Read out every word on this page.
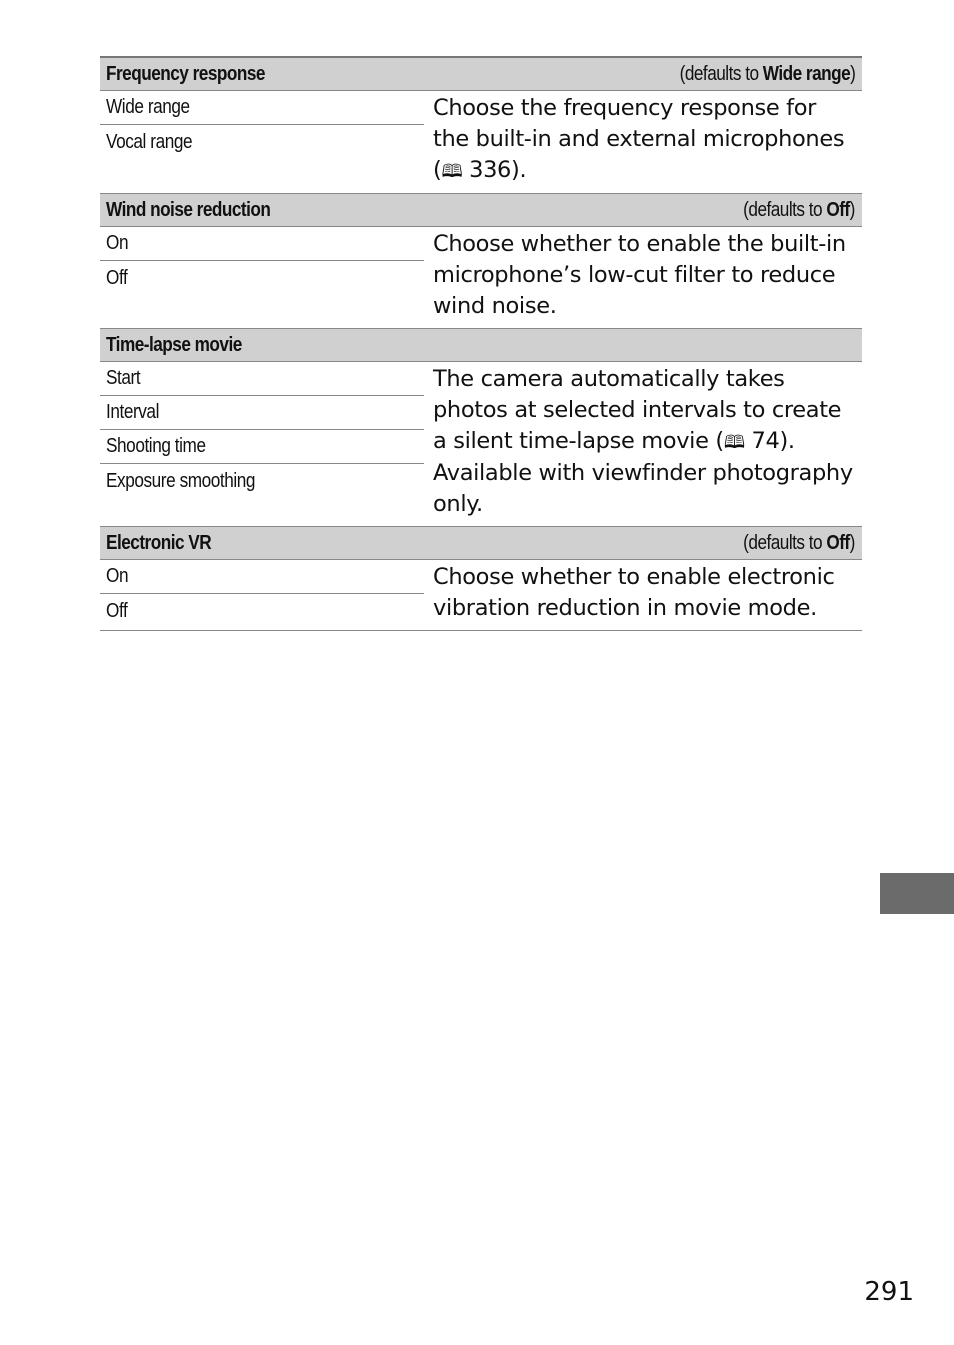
Frequency response	(defaults to Wide range)
Wide range
Vocal range
Choose the frequency response for the built-in and external microphones (🕮 336).
Wind noise reduction	(defaults to Off)
On
Off
Choose whether to enable the built-in microphone’s low-cut filter to reduce wind noise.
Time-lapse movie
Start
Interval
Shooting time
Exposure smoothing
The camera automatically takes photos at selected intervals to create a silent time-lapse movie (🕮 74). Available with viewfinder photography only.
Electronic VR	(defaults to Off)
On
Off
Choose whether to enable electronic vibration reduction in movie mode.
291
